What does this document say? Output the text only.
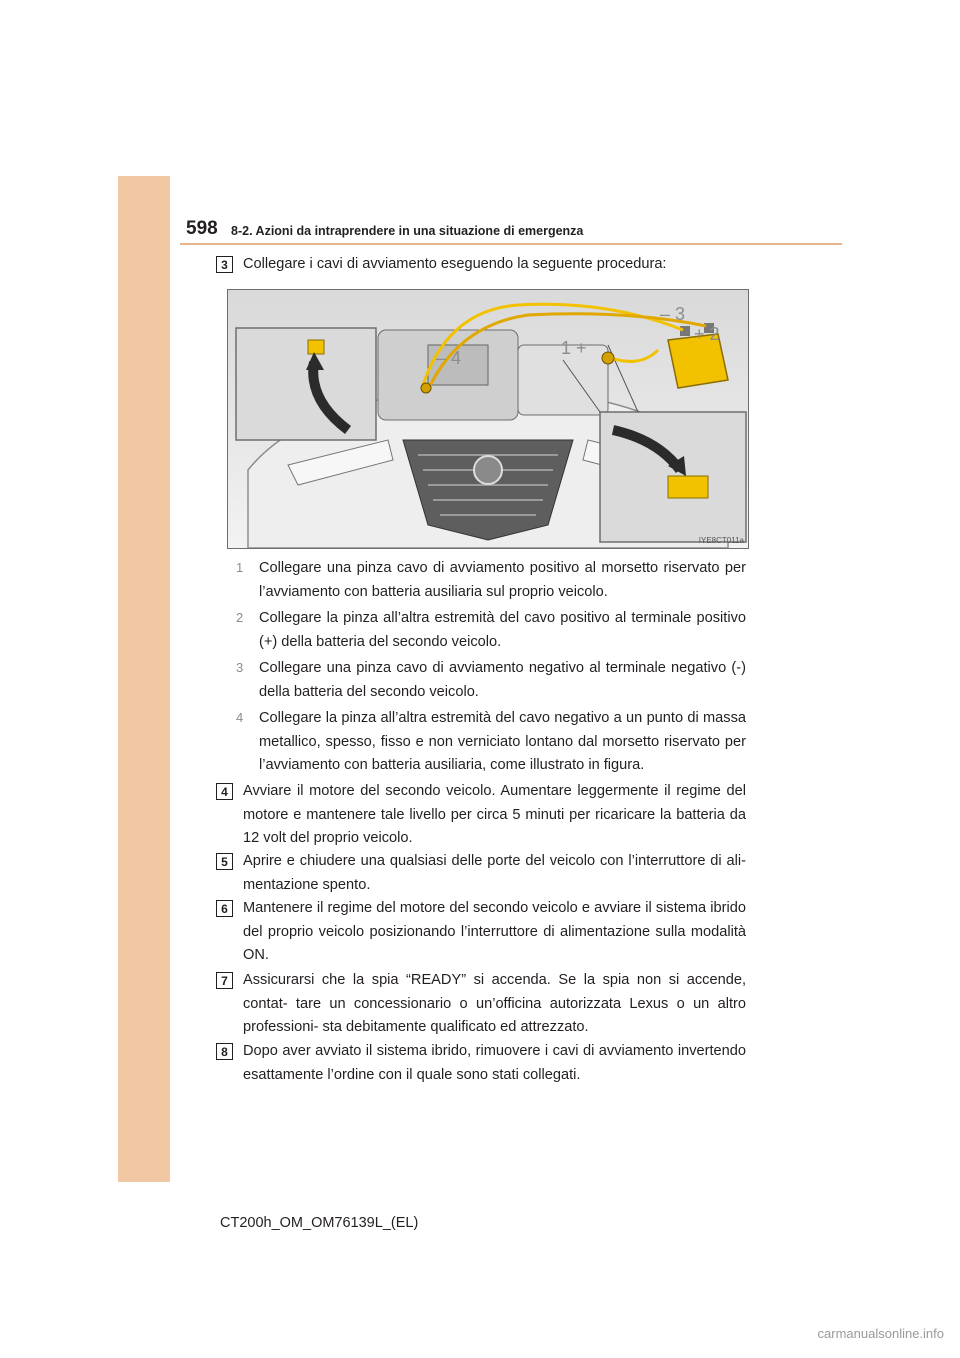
598 8-2. Azioni da intraprendere in una situazione di emergenza
3	Collegare i cavi di avviamento eseguendo la seguente procedura:
– 3
+ 2
1 +
– 4
IYE8CT011a
1 Collegare una pinza cavo di avviamento positivo al morsetto riservato per l’avviamento con batteria ausiliaria sul proprio veicolo.
2 Collegare la pinza all’altra estremità del cavo positivo al terminale positivo (+) della batteria del secondo veicolo.
3 Collegare una pinza cavo di avviamento negativo al terminale negativo (-) della batteria del secondo veicolo.
4 Collegare la pinza all’altra estremità del cavo negativo a un punto di massa metallico, spesso, fisso e non verniciato lontano dal morsetto riservato per l’avviamento con batteria ausiliaria, come illustrato in figura.
4	Avviare il motore del secondo veicolo. Aumentare leggermente il regime del motore e mantenere tale livello per circa 5 minuti per ricaricare la batteria da 12 volt del proprio veicolo.
5	Aprire e chiudere una qualsiasi delle porte del veicolo con l’interruttore di ali- mentazione spento.
6	Mantenere il regime del motore del secondo veicolo e avviare il sistema ibrido del proprio veicolo posizionando l’interruttore di alimentazione sulla modalità ON.
7	Assicurarsi che la spia “READY” si accenda. Se la spia non si accende, contat- tare un concessionario o un’officina autorizzata Lexus o un altro professioni- sta debitamente qualificato ed attrezzato.
8	Dopo aver avviato il sistema ibrido, rimuovere i cavi di avviamento invertendo esattamente l’ordine con il quale sono stati collegati.
CT200h_OM_OM76139L_(EL)
carmanualsonline.info
